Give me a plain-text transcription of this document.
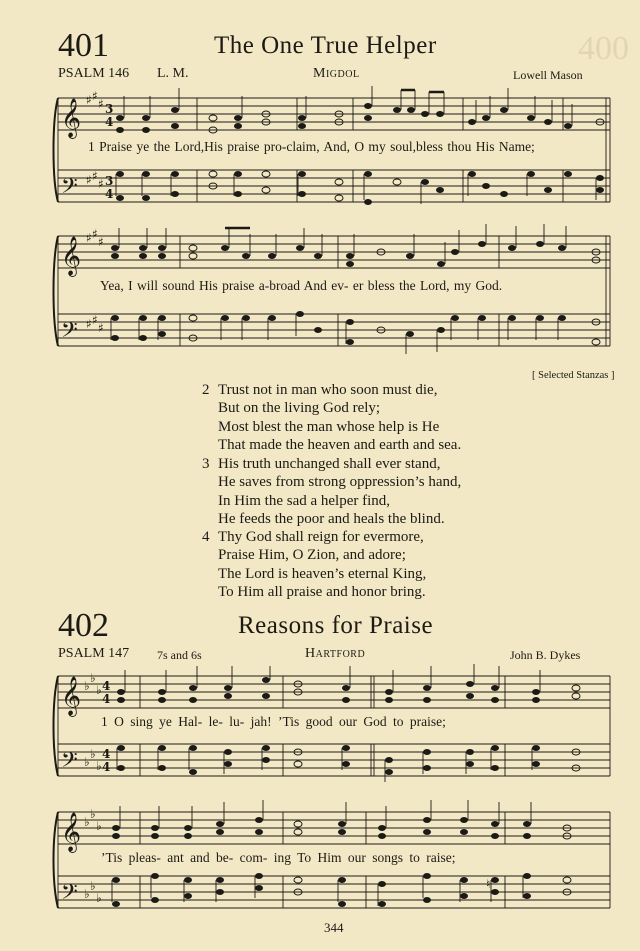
400
401	The One True Helper
PSALM 146 L. M.	Migdol	Lowell Mason
𝄞
𝄢
♯ ♯
♯
♯ ♯
♯
3
4
3
4
1 Praise ye the Lord,His praise pro-claim, And, O my soul,bless thou His Name;
𝄞
𝄢
♯ ♯
♯
♯ ♯
♯
Yea, I will sound His praise a-broad And ev- er bless the Lord, my God.
[ Selected Stanzas ]
2 Trust not in man who soon must die,
But on the living God rely;
Most blest the man whose help is He
That made the heaven and earth and sea.
3 His truth unchanged shall ever stand,
He saves from strong oppression’s hand,
In Him the sad a helper find,
He feeds the poor and heals the blind.
4 Thy God shall reign for evermore,
Praise Him, O Zion, and adore;
The Lord is heaven’s eternal King,
To Him all praise and honor bring.
402	Reasons for Praise
PSALM 147 7s and 6s	Hartford	John B. Dykes
𝄞
𝄢
♭
♭
♭
♭
♭
♭
4
4
4
4
1 O sing ye Hal- le- lu- jah! ’Tis good our God to praise;
𝄞
𝄢
♭
♭
♭
♭
♭
♭
♮
’Tis pleas- ant and be- com- ing To Him our songs to raise;
344
